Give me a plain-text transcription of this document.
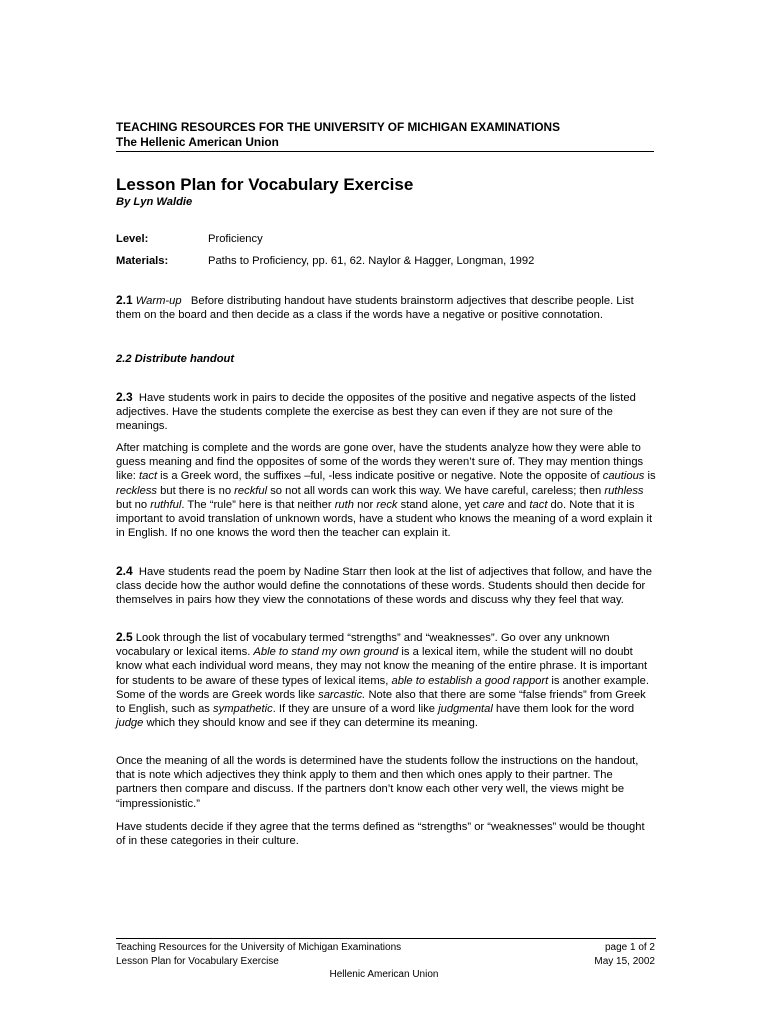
TEACHING RESOURCES FOR THE UNIVERSITY OF MICHIGAN EXAMINATIONS
The Hellenic American Union
Lesson Plan for Vocabulary Exercise
By Lyn Waldie
Level:	Proficiency
Materials:	Paths to Proficiency, pp. 61, 62. Naylor & Hagger, Longman, 1992

2.1 Warm-up Before distributing handout have students brainstorm adjectives that describe people. List them on the board and then decide as a class if the words have a negative or positive connotation.

2.2 Distribute handout

2.3 Have students work in pairs to decide the opposites of the positive and negative aspects of the listed adjectives. Have the students complete the exercise as best they can even if they are not sure of the meanings.

After matching is complete and the words are gone over, have the students analyze how they were able to guess meaning and find the opposites of some of the words they weren’t sure of. They may mention things like: tact is a Greek word, the suffixes –ful, -less indicate positive or negative. Note the opposite of cautious is reckless but there is no reckful so not all words can work this way. We have careful, careless; then ruthless but no ruthful. The “rule” here is that neither ruth nor reck stand alone, yet care and tact do. Note that it is important to avoid translation of unknown words, have a student who knows the meaning of a word explain it in English. If no one knows the word then the teacher can explain it.

2.4 Have students read the poem by Nadine Starr then look at the list of adjectives that follow, and have the class decide how the author would define the connotations of these words. Students should then decide for themselves in pairs how they view the connotations of these words and discuss why they feel that way.

2.5 Look through the list of vocabulary termed “strengths” and “weaknesses”. Go over any unknown vocabulary or lexical items. Able to stand my own ground is a lexical item, while the student will no doubt know what each individual word means, they may not know the meaning of the entire phrase. It is important for students to be aware of these types of lexical items, able to establish a good rapport is another example. Some of the words are Greek words like sarcastic. Note also that there are some “false friends” from Greek to English, such as sympathetic. If they are unsure of a word like judgmental have them look for the word judge which they should know and see if they can determine its meaning.

Once the meaning of all the words is determined have the students follow the instructions on the handout, that is note which adjectives they think apply to them and then which ones apply to their partner. The partners then compare and discuss. If the partners don’t know each other very well, the views might be “impressionistic.”
Have students decide if they agree that the terms defined as “strengths” or “weaknesses” would be thought of in these categories in their culture.
Teaching Resources for the University of Michigan Examinations
Lesson Plan for Vocabulary Exercise
page 1 of 2
May 15, 2002
Hellenic American Union
